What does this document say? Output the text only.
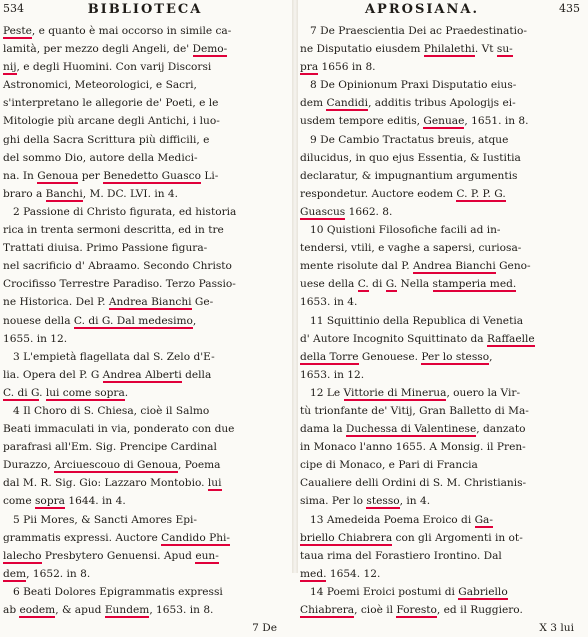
534	BIBLIOTECA
Peste, e quanto è mai occorso in simile ca-
lamità, per mezzo degli Angeli, de' Demo-
nij, e degli Huomini. Con varij Discorsi
Astronomici, Meteorologici, e Sacri,
s'interpretano le allegorie de' Poeti, e le
Mitologie più arcane degli Antichi, i luo-
ghi della Sacra Scrittura più difficili, e
del sommo Dio, autore della Medici-
na. In Genoua per Benedetto Guasco Li-
braro a Banchi, M. DC. LVI. in 4.
2 Passione di Christo figurata, ed historia
rica in trenta sermoni descritta, ed in tre
Trattati diuisa. Primo Passione figura-
nel sacrificio d' Abraamo. Secondo Christo
Crocifisso Terrestre Paradiso. Terzo Passio-
ne Historica. Del P. Andrea Bianchi Ge-
nouese della C. di G. Dal medesimo,
1655. in 12.
3 L'empietà flagellata dal S. Zelo d'E-
lia. Opera del P. G Andrea Alberti della
C. di G. lui come sopra.
4 Il Choro di S. Chiesa, cioè il Salmo
Beati immaculati in via, ponderato con due
parafrasi all'Em. Sig. Prencipe Cardinal
Durazzo, Arciuescouo di Genoua, Poema
dal M. R. Sig. Gio: Lazzaro Montobio. lui
come sopra 1644. in 4.
5 Pii Mores, & Sancti Amores Epi-
grammatis expressi. Auctore Candido Phi-
lalecho Presbytero Genuensi. Apud eun-
dem, 1652. in 8.
6 Beati Dolores Epigrammatis expressi
ab eodem, & apud Eundem, 1653. in 8.
7 De
APROSIANA.	435
7 De Praescientia Dei ac Praedestinatio-
ne Disputatio eiusdem Philalethi. Vt su-
pra 1656 in 8.
8 De Opinionum Praxi Disputatio eius-
dem Candidi, additis tribus Apologijs ei-
usdem tempore editis, Genuae, 1651. in 8.
9 De Cambio Tractatus breuis, atque
dilucidus, in quo ejus Essentia, & Iustitia
declaratur, & impugnantium argumentis
respondetur. Auctore eodem C. P. P. G.
Guascus 1662. 8.
10 Quistioni Filosofiche facili ad in-
tendersi, vtili, e vaghe a sapersi, curiosa-
mente risolute dal P. Andrea Bianchi Geno-
uese della C. di G. Nella stamperia med.
1653. in 4.
11 Squittinio della Republica di Venetia
d' Autore Incognito Squittinato da Raffaelle
della Torre Genouese. Per lo stesso,
1653. in 12.
12 Le Vittorie di Minerua, ouero la Vir-
tù trionfante de' Vitij, Gran Balletto di Ma-
dama la Duchessa di Valentinese, danzato
in Monaco l'anno 1655. A Monsig. il Pren-
cipe di Monaco, e Pari di Francia
Caualiere delli Ordini di S. M. Christianis-
sima. Per lo stesso, in 4.
13 Amedeida Poema Eroico di Ga-
briello Chiabrera con gli Argomenti in ot-
taua rima del Forastiero Irontino. Dal
med. 1654. 12.
14 Poemi Eroici postumi di Gabriello
Chiabrera, cioè il Foresto, ed il Ruggiero.
X 3 lui
